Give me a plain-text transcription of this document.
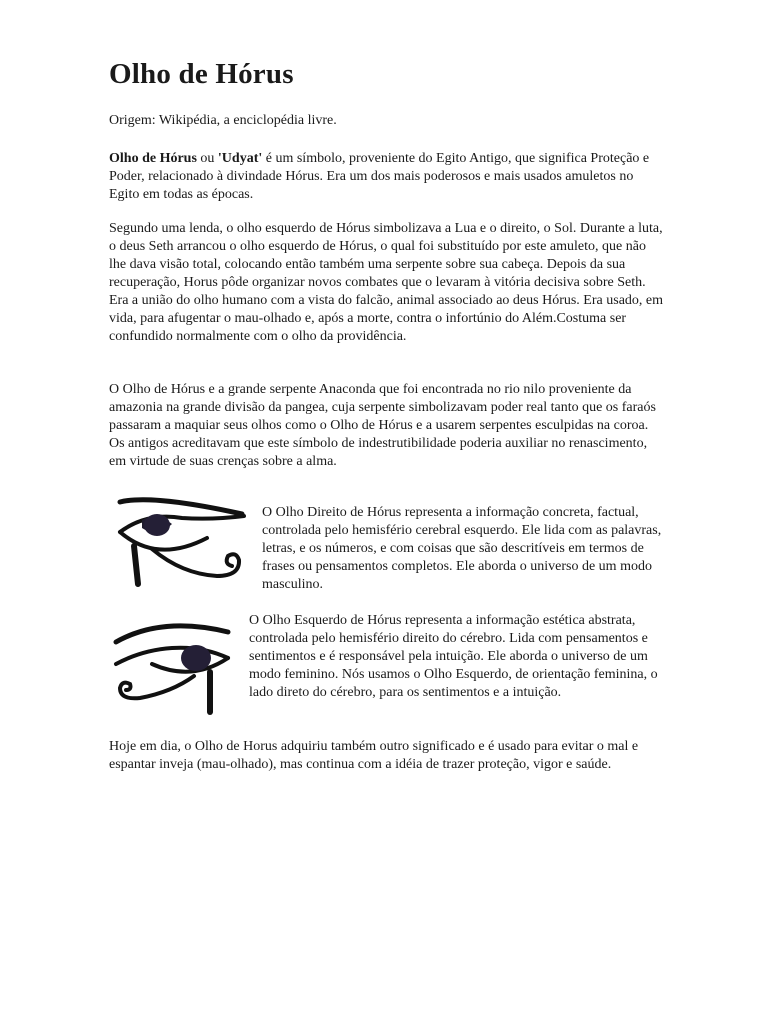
Olho de Hórus

Origem: Wikipédia, a enciclopédia livre.

Olho de Hórus ou 'Udyat' é um símbolo, proveniente do Egito Antigo, que significa Proteção e Poder, relacionado à divindade Hórus. Era um dos mais poderosos e mais usados amuletos no Egito em todas as épocas.

Segundo uma lenda, o olho esquerdo de Hórus simbolizava a Lua e o direito, o Sol. Durante a luta, o deus Seth arrancou o olho esquerdo de Hórus, o qual foi substituído por este amuleto, que não lhe dava visão total, colocando então também uma serpente sobre sua cabeça. Depois da sua recuperação, Horus pôde organizar novos combates que o levaram à vitória decisiva sobre Seth. Era a união do olho humano com a vista do falcão, animal associado ao deus Hórus. Era usado, em vida, para afugentar o mau-olhado e, após a morte, contra o infortúnio do Além.Costuma ser confundido normalmente com o olho da providência.

O Olho de Hórus e a grande serpente Anaconda que foi encontrada no rio nilo proveniente da amazonia na grande divisão da pangea, cuja serpente simbolizavam poder real tanto que os faraós passaram a maquiar seus olhos como o Olho de Hórus e a usarem serpentes esculpidas na coroa. Os antigos acreditavam que este símbolo de indestrutibilidade poderia auxiliar no renascimento, em virtude de suas crenças sobre a alma.

O Olho Direito de Hórus representa a informação concreta, factual, controlada pelo hemisfério cerebral esquerdo. Ele lida com as palavras, letras, e os números, e com coisas que são descritíveis em termos de frases ou pensamentos completos. Ele aborda o universo de um modo masculino.

O Olho Esquerdo de Hórus representa a informação estética abstrata, controlada pelo hemisfério direito do cérebro. Lida com pensamentos e sentimentos e é responsável pela intuição. Ele aborda o universo de um modo feminino. Nós usamos o Olho Esquerdo, de orientação feminina, o lado direto do cérebro, para os sentimentos e a intuição.

Hoje em dia, o Olho de Horus adquiriu também outro significado e é usado para evitar o mal e espantar inveja (mau-olhado), mas continua com a idéia de trazer proteção, vigor e saúde.
